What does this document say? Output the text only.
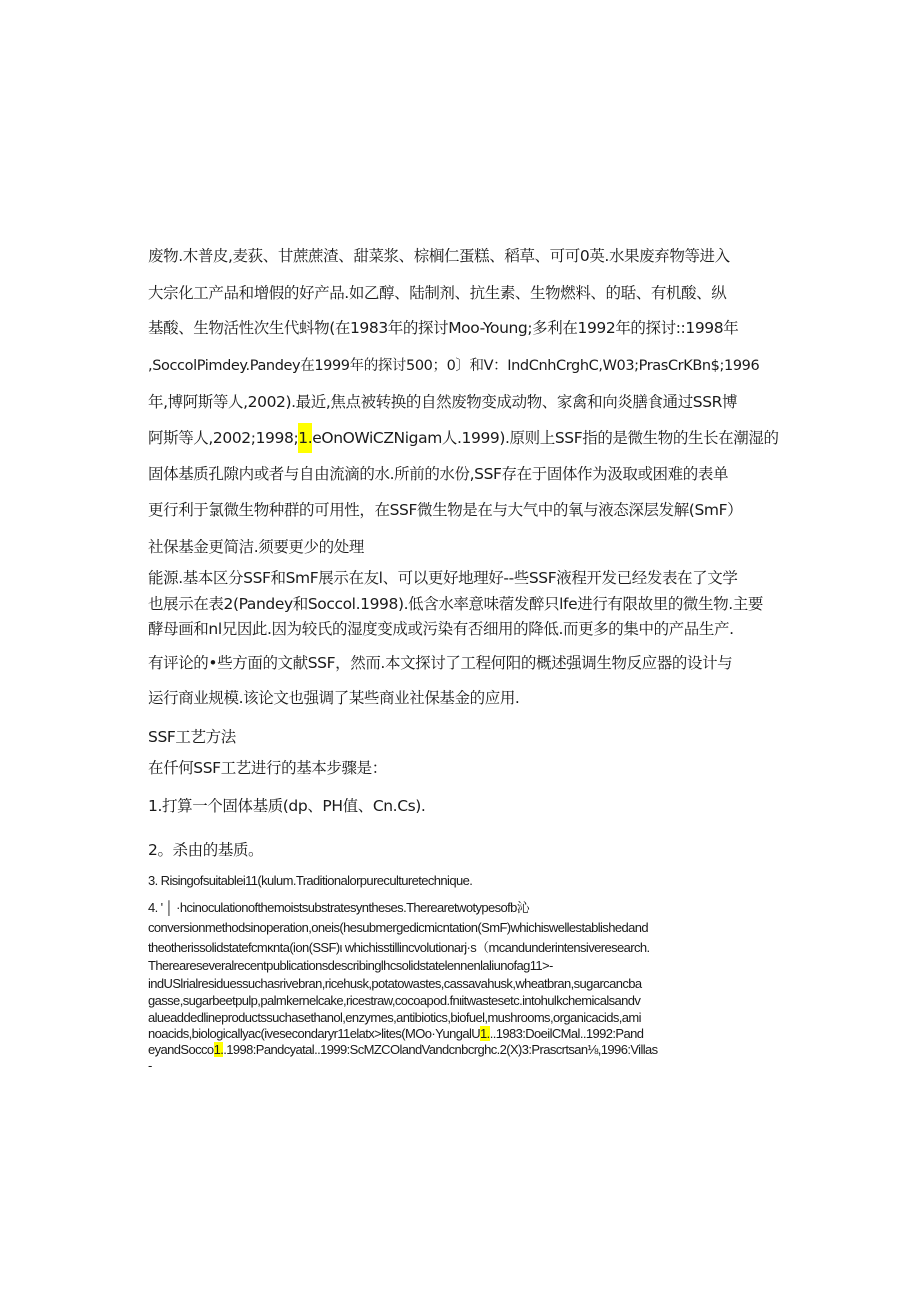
废物.木普皮,麦荻、甘蔗蔗渣、甜菜浆、棕榈仁蛋糕、稻草、可可0英.水果废弃物等进入
大宗化工产品和增假的好产品.如乙醇、陆制剂、抗生素、生物燃料、的聒、有机酸、纵
基酸、生物活性次生代蚪物(在1983年的探讨Moo-Young;多利在1992年的探讨::1998年
,SoccolPimdey.Pandey在1999年的探讨500；0〕和V：IndCnhCrghC,W03;PrasCrKBn$;1996
年,博阿斯等人,2002).最近,焦点被转换的自然废物变成动物、家禽和向炎膳食通过SSR博
阿斯等人,2002;1998;1.eOnOWiCZNigam人.1999).原则上SSF指的是微生物的生长在潮湿的
固体基质孔隙内或者与自由流滴的水.所前的水份,SSF存在于固体作为汲取或困难的表单
更行利于氯微生物种群的可用性，在SSF微生物是在与大气中的氧与液态深层发解(SmF）
社保基金更简洁.须要更少的处理
能源.基本区分SSF和SmF展示在友l、可以更好地理好--些SSF液程开发已经发表在了文学
也展示在表2(Pandey和Soccol.1998).低含水率意味蓿发醉只lfe进行有限故里的微生物.主要
酵母画和nl兄因此.因为较氏的湿度变成或污染有否细用的降低.而更多的集中的产品生产.
有评论的•些方面的文献SSF，然而.本文探讨了工程何阳的概述强调生物反应器的设计与
运行商业规模.该论文也强调了某些商业社保基金的应用.
SSF工艺方法
在仟何SSF工艺进行的基本步骤是：
1.打算一个固体基质(dp、PH值、Cn.Cs).
2。杀由的基质。
3. Risingofsuitablei11(kulum.Traditionalorpureculturetechnique.
4. ' │ ·hcinoculationofthemoistsubstratesyntheses.Therearetwotypesofb沁
conversionmethodsinoperation,oneis(hesubmergedicmicntation(SmF)whichiswellestablishedand
theotherissolidstatefcmκnta(ion(SSF)ι whichisstillincvolutionarj·s（mcandunderintensiveresearch.
Thereareseveralrecentpublicationsdescribinglhcsolidstatelennenlaliunofag11>-
indUSlrialresiduessuchasrivebran,ricehusk,potatowastes,cassavahusk,wheatbran,sugarcancba
gasse,sugarbeetpulp,palmkernelcake,ricestraw,cocoapod.fnιitwastesetc.intohulkchemicalsandv
alueaddedlineproductssuchasethanol,enzymes,antibiotics,biofuel,mushrooms,organicacids,ami
noacids,biologicallyac(ivesecondaryr11elatx>lites(MOo·YungalU1...1983:DoeilCMal..1992:Pand
eyandSocco1..1998:Pandcyatal..1999:ScMZCOlandVandcnbcrghc.2(X)3:Prascrtsan⅛,1996:Villas
-
